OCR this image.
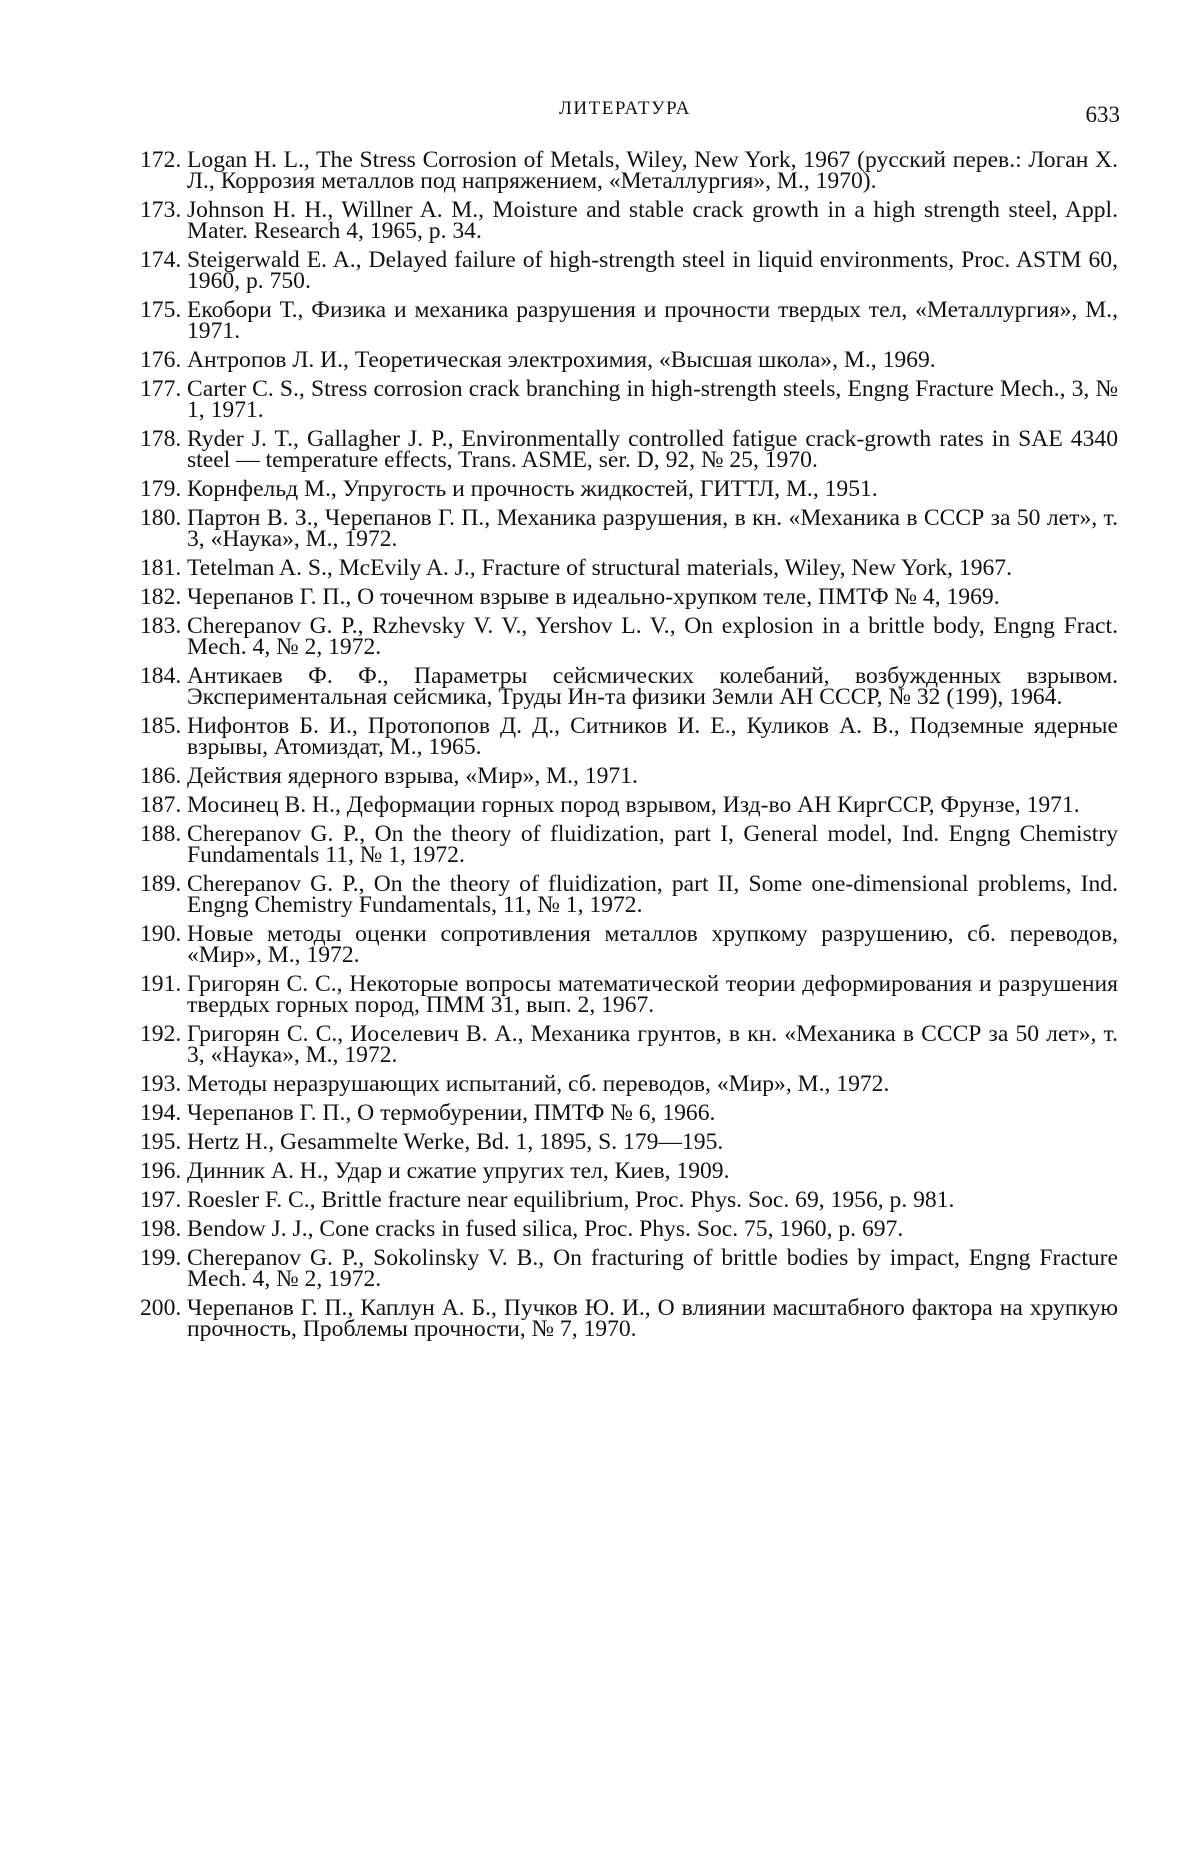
ЛИТЕРАТУРА	633
172. Logan H. L., The Stress Corrosion of Metals, Wiley, New York, 1967 (русский перев.: Логан Х. Л., Коррозия металлов под напряжением, «Металлургия», М., 1970).
173. Johnson H. H., Willner A. M., Moisture and stable crack growth in a high strength steel, Appl. Mater. Research 4, 1965, p. 34.
174. Steigerwald E. A., Delayed failure of high-strength steel in liquid environments, Proc. ASTM 60, 1960, p. 750.
175. Екобори Т., Физика и механика разрушения и прочности твердых тел, «Металлургия», М., 1971.
176. Антропов Л. И., Теоретическая электрохимия, «Высшая школа», М., 1969.
177. Carter C. S., Stress corrosion crack branching in high-strength steels, Engng Fracture Mech., 3, № 1, 1971.
178. Ryder J. T., Gallagher J. P., Environmentally controlled fatigue crack-growth rates in SAE 4340 steel — temperature effects, Trans. ASME, ser. D, 92, № 25, 1970.
179. Корнфельд М., Упругость и прочность жидкостей, ГИТТЛ, М., 1951.
180. Партон В. З., Черепанов Г. П., Механика разрушения, в кн. «Механика в СССР за 50 лет», т. 3, «Наука», М., 1972.
181. Tetelman A. S., McEvily A. J., Fracture of structural materials, Wiley, New York, 1967.
182. Черепанов Г. П., О точечном взрыве в идеально-хрупком теле, ПМТФ № 4, 1969.
183. Cherepanov G. P., Rzhevsky V. V., Yershov L. V., On explosion in a brittle body, Engng Fract. Mech. 4, № 2, 1972.
184. Антикаев Ф. Ф., Параметры сейсмических колебаний, возбужденных взрывом. Экспериментальная сейсмика, Труды Ин-та физики Земли АН СССР, № 32 (199), 1964.
185. Нифонтов Б. И., Протопопов Д. Д., Ситников И. Е., Куликов А. В., Подземные ядерные взрывы, Атомиздат, М., 1965.
186. Действия ядерного взрыва, «Мир», М., 1971.
187. Мосинец В. Н., Деформации горных пород взрывом, Изд-во АН КиргССР, Фрунзе, 1971.
188. Cherepanov G. P., On the theory of fluidization, part I, General model, Ind. Engng Chemistry Fundamentals 11, № 1, 1972.
189. Cherepanov G. P., On the theory of fluidization, part II, Some one-dimensional problems, Ind. Engng Chemistry Fundamentals, 11, № 1, 1972.
190. Новые методы оценки сопротивления металлов хрупкому разрушению, сб. переводов, «Мир», М., 1972.
191. Григорян С. С., Некоторые вопросы математической теории деформирования и разрушения твердых горных пород, ПММ 31, вып. 2, 1967.
192. Григорян С. С., Иоселевич В. А., Механика грунтов, в кн. «Механика в СССР за 50 лет», т. 3, «Наука», М., 1972.
193. Методы неразрушающих испытаний, сб. переводов, «Мир», М., 1972.
194. Черепанов Г. П., О термобурении, ПМТФ № 6, 1966.
195. Hertz H., Gesammelte Werke, Bd. 1, 1895, S. 179—195.
196. Динник А. Н., Удар и сжатие упругих тел, Киев, 1909.
197. Roesler F. C., Brittle fracture near equilibrium, Proc. Phys. Soc. 69, 1956, p. 981.
198. Bendow J. J., Cone cracks in fused silica, Proc. Phys. Soc. 75, 1960, p. 697.
199. Cherepanov G. P., Sokolinsky V. B., On fracturing of brittle bodies by impact, Engng Fracture Mech. 4, № 2, 1972.
200. Черепанов Г. П., Каплун А. Б., Пучков Ю. И., О влиянии масштабного фактора на хрупкую прочность, Проблемы прочности, № 7, 1970.
